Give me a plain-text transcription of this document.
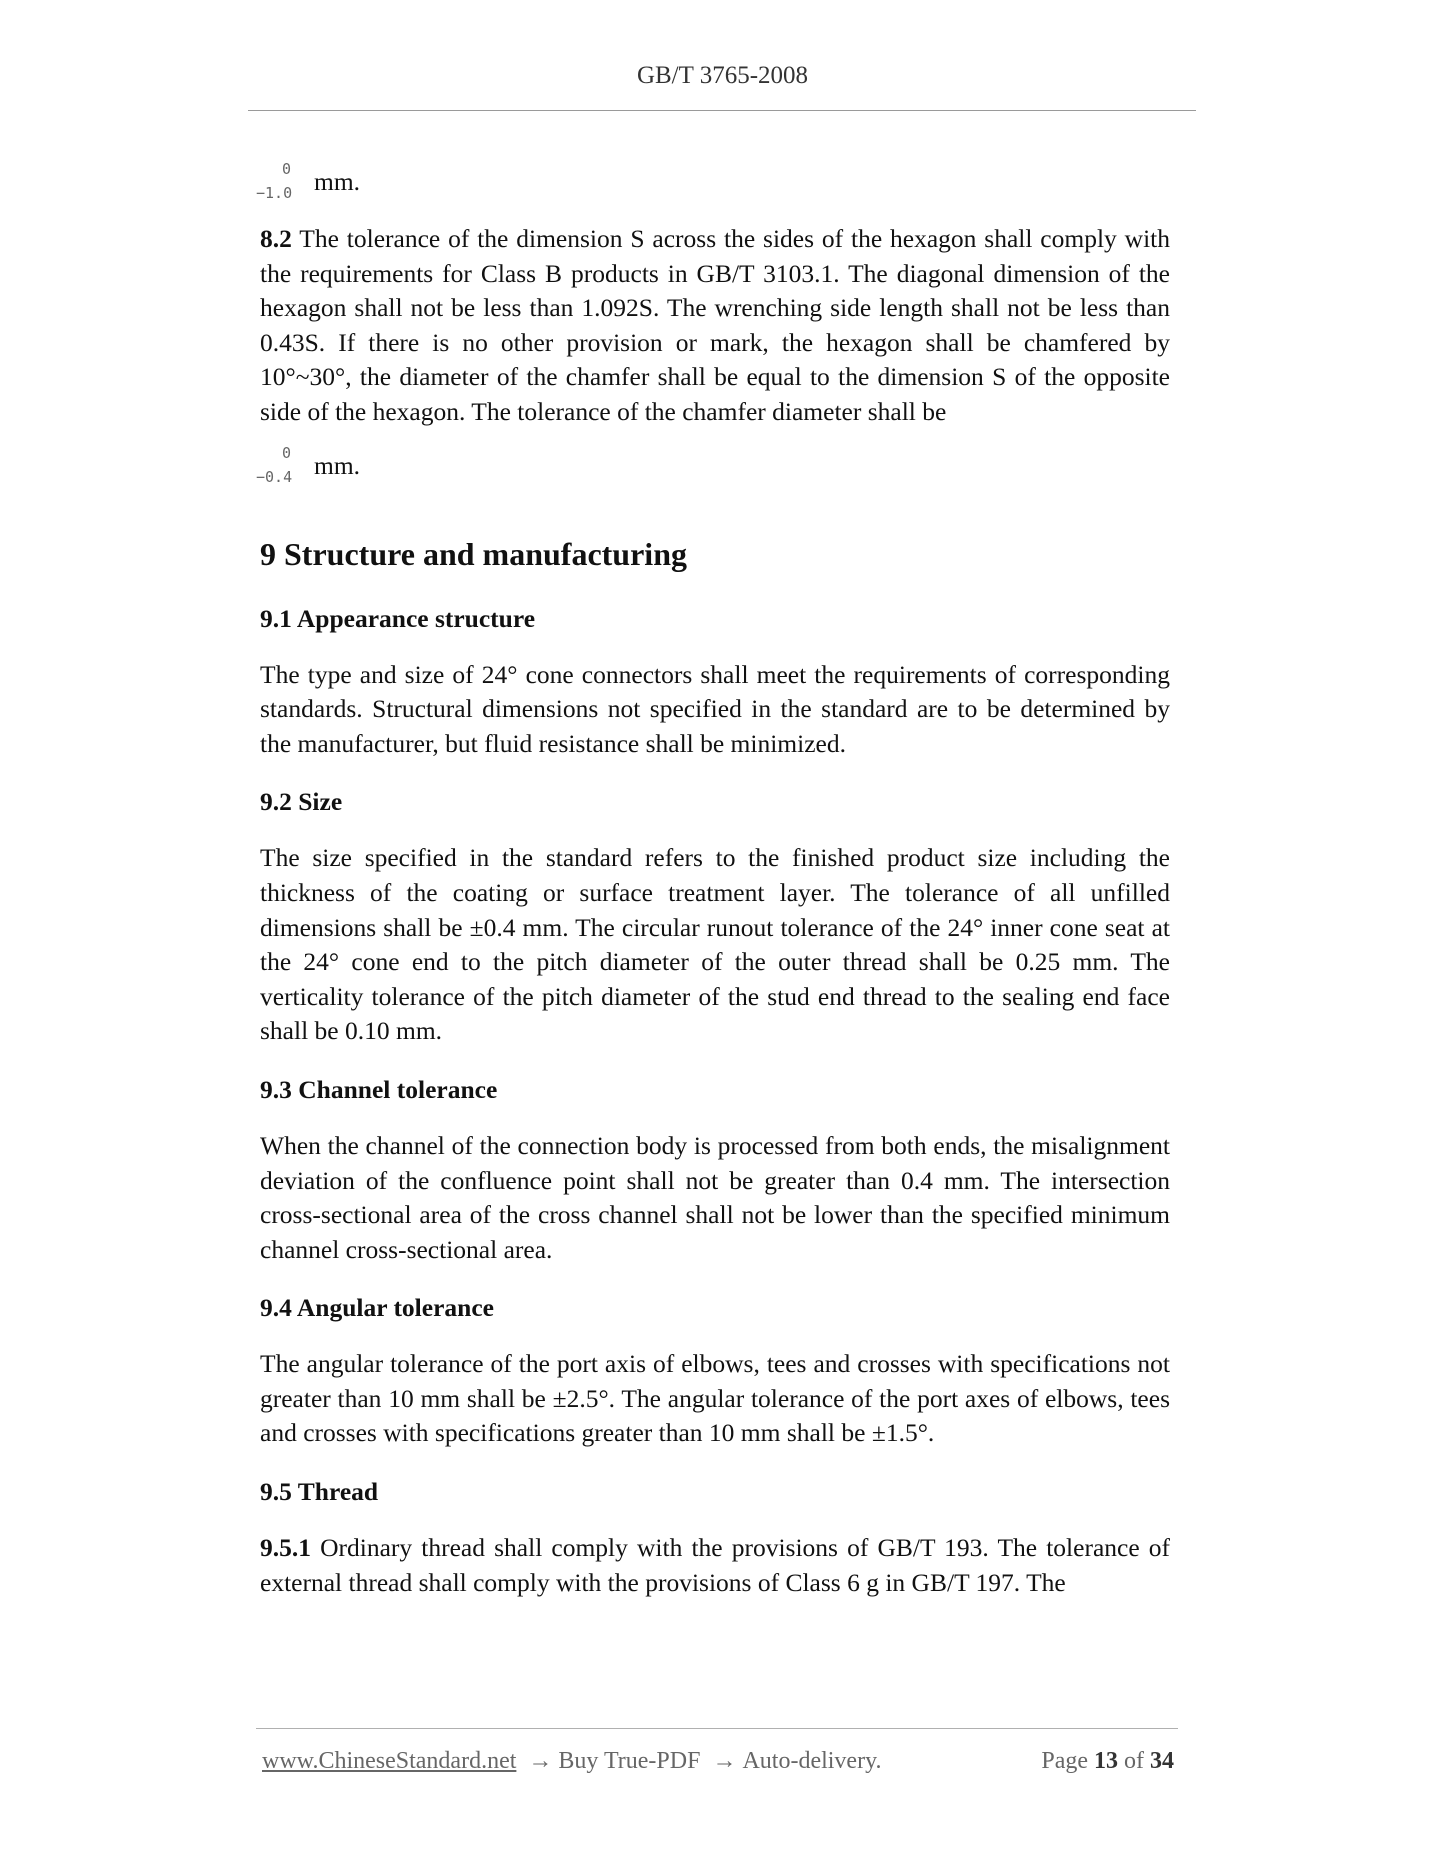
GB/T 3765-2008

0
−1.0 mm.

8.2 The tolerance of the dimension S across the sides of the hexagon shall comply with the requirements for Class B products in GB/T 3103.1. The diagonal dimension of the hexagon shall not be less than 1.092S. The wrenching side length shall not be less than 0.43S. If there is no other provision or mark, the hexagon shall be chamfered by 10°~30°, the diameter of the chamfer shall be equal to the dimension S of the opposite side of the hexagon. The tolerance of the chamfer diameter shall be

0
−0.4 mm.

9 Structure and manufacturing
9.1 Appearance structure

The type and size of 24° cone connectors shall meet the requirements of corresponding standards. Structural dimensions not specified in the standard are to be determined by the manufacturer, but fluid resistance shall be minimized.

9.2 Size

The size specified in the standard refers to the finished product size including the thickness of the coating or surface treatment layer. The tolerance of all unfilled dimensions shall be ±0.4 mm. The circular runout tolerance of the 24° inner cone seat at the 24° cone end to the pitch diameter of the outer thread shall be 0.25 mm. The verticality tolerance of the pitch diameter of the stud end thread to the sealing end face shall be 0.10 mm.

9.3 Channel tolerance

When the channel of the connection body is processed from both ends, the misalignment deviation of the confluence point shall not be greater than 0.4 mm. The intersection cross-sectional area of the cross channel shall not be lower than the specified minimum channel cross-sectional area.

9.4 Angular tolerance

The angular tolerance of the port axis of elbows, tees and crosses with specifications not greater than 10 mm shall be ±2.5°. The angular tolerance of the port axes of elbows, tees and crosses with specifications greater than 10 mm shall be ±1.5°.

9.5 Thread

9.5.1 Ordinary thread shall comply with the provisions of GB/T 193. The tolerance of external thread shall comply with the provisions of Class 6 g in GB/T 197. The

www.ChineseStandard.net → Buy True-PDF → Auto-delivery.	Page 13 of 34
